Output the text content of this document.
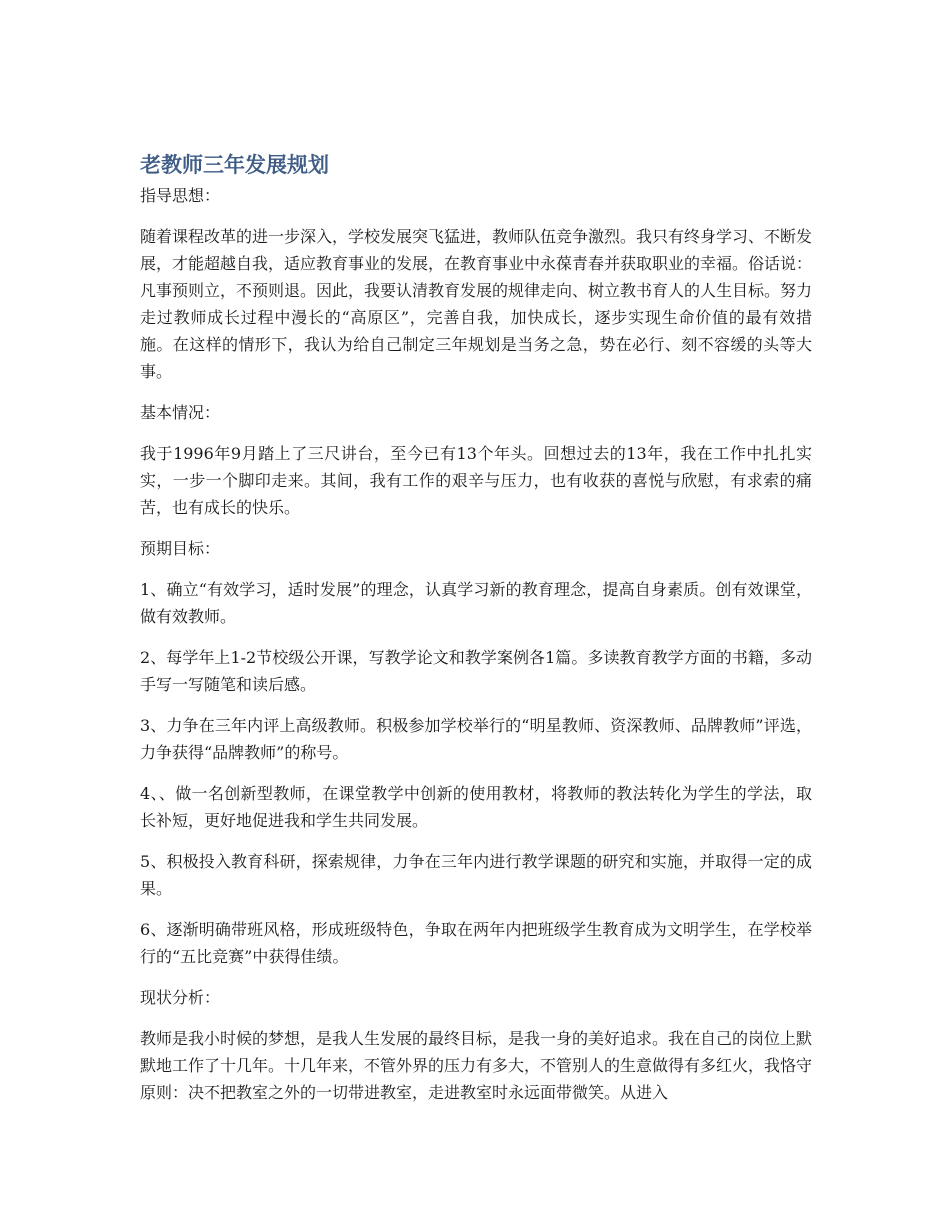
老教师三年发展规划

指导思想：

随着课程改革的进一步深入，学校发展突飞猛进，教师队伍竞争激烈。我只有终身学习、不断发展，才能超越自我，适应教育事业的发展，在教育事业中永葆青春并获取职业的幸福。俗话说：凡事预则立，不预则退。因此，我要认清教育发展的规律走向、树立教书育人的人生目标。努力走过教师成长过程中漫长的“高原区”，完善自我，加快成长，逐步实现生命价值的最有效措施。在这样的情形下，我认为给自己制定三年规划是当务之急，势在必行、刻不容缓的头等大事。

基本情况：

我于1996年9月踏上了三尺讲台，至今已有13个年头。回想过去的13年，我在工作中扎扎实实，一步一个脚印走来。其间，我有工作的艰辛与压力，也有收获的喜悦与欣慰，有求索的痛苦，也有成长的快乐。

预期目标：

1、确立“有效学习，适时发展”的理念，认真学习新的教育理念，提高自身素质。创有效课堂，做有效教师。

2、每学年上1-2节校级公开课，写教学论文和教学案例各1篇。多读教育教学方面的书籍，多动手写一写随笔和读后感。

3、力争在三年内评上高级教师。积极参加学校举行的“明星教师、资深教师、品牌教师”评选，力争获得“品牌教师”的称号。

4、、做一名创新型教师，在课堂教学中创新的使用教材，将教师的教法转化为学生的学法，取长补短，更好地促进我和学生共同发展。

5、积极投入教育科研，探索规律，力争在三年内进行教学课题的研究和实施，并取得一定的成果。

6、逐渐明确带班风格，形成班级特色，争取在两年内把班级学生教育成为文明学生，在学校举行的“五比竞赛”中获得佳绩。

现状分析：

教师是我小时候的梦想，是我人生发展的最终目标，是我一身的美好追求。我在自己的岗位上默默地工作了十几年。十几年来，不管外界的压力有多大，不管别人的生意做得有多红火，我恪守原则：决不把教室之外的一切带进教室，走进教室时永远面带微笑。从进入
